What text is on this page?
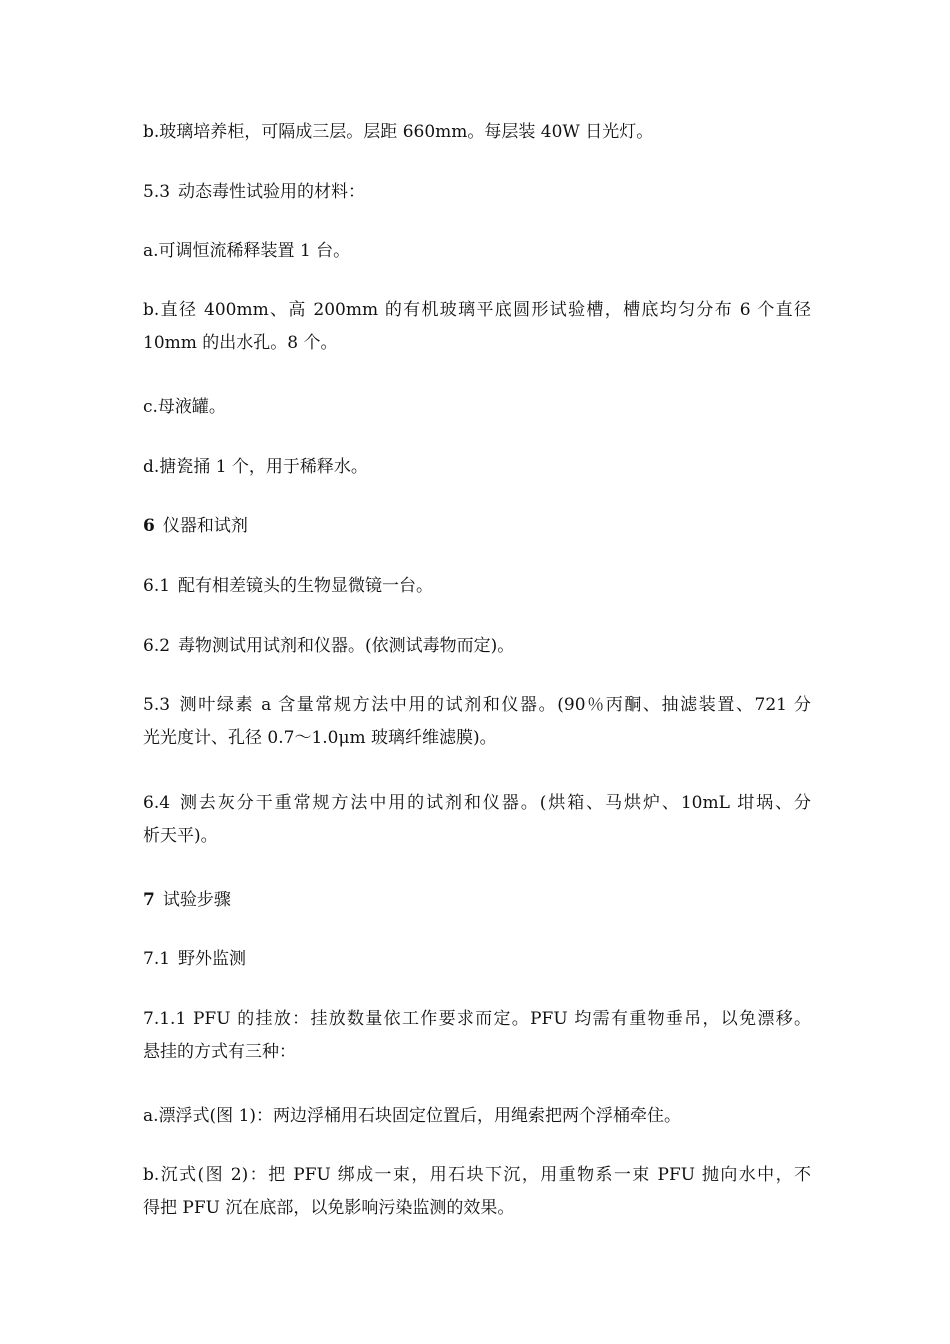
b.玻璃培养柜，可隔成三层。层距 660mm。每层装 40W 日光灯。

5.3 动态毒性试验用的材料：

a.可调恒流稀释装置 1 台。

b.直径 400mm、高 200mm 的有机玻璃平底圆形试验槽，槽底均匀分布 6 个直径
10mm 的出水孔。8 个。

c.母液罐。

d.搪瓷捅 1 个，用于稀释水。

6 仪器和试剂

6.1 配有相差镜头的生物显微镜一台。

6.2 毒物测试用试剂和仪器。(依测试毒物而定)。

5.3 测叶绿素 a 含量常规方法中用的试剂和仪器。(90％丙酮、抽滤装置、721 分
光光度计、孔径 0.7～1.0μm 玻璃纤维滤膜)。

6.4 测去灰分干重常规方法中用的试剂和仪器。(烘箱、马烘炉、10mL 坩埚、分
析天平)。

7 试验步骤

7.1 野外监测

7.1.1 PFU 的挂放：挂放数量依工作要求而定。PFU 均需有重物垂吊，以免漂移。
悬挂的方式有三种：

a.漂浮式(图 1)：两边浮桶用石块固定位置后，用绳索把两个浮桶牵住。

b.沉式(图 2)：把 PFU 绑成一束，用石块下沉，用重物系一束 PFU 抛向水中，不
得把 PFU 沉在底部，以免影响污染监测的效果。
